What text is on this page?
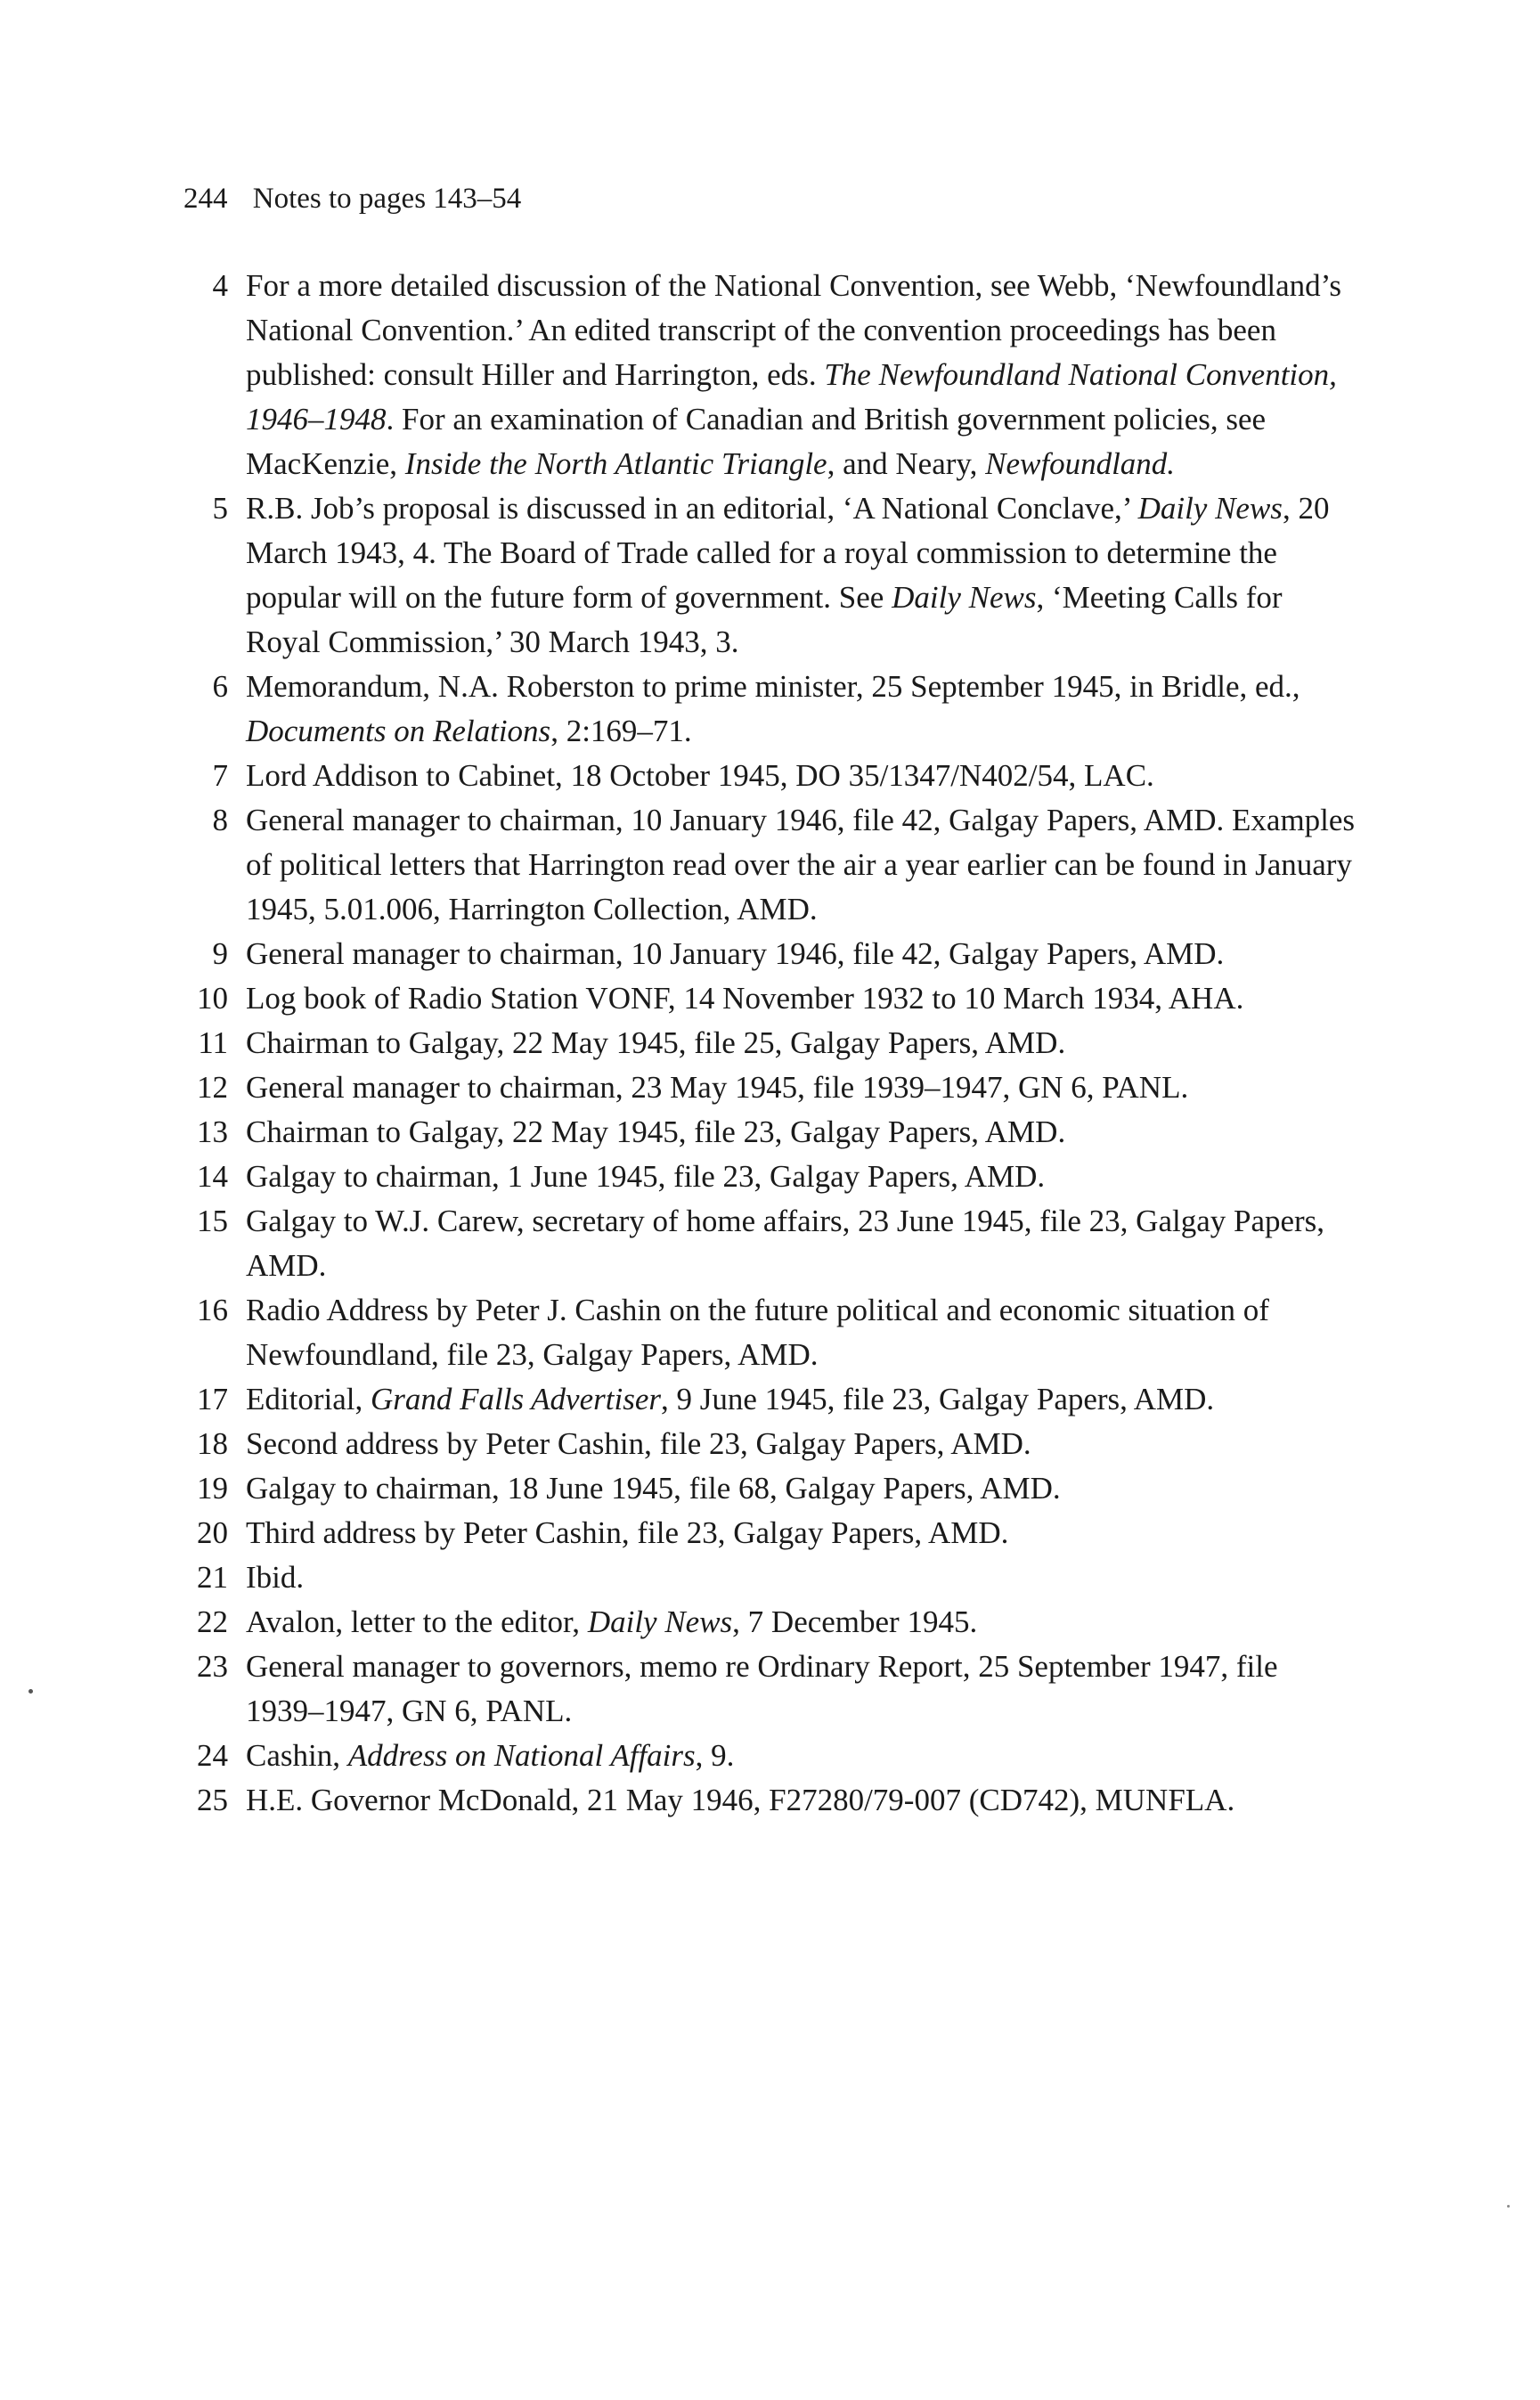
244 Notes to pages 143–54
4 For a more detailed discussion of the National Convention, see Webb, ‘Newfoundland’s National Convention.’ An edited transcript of the convention proceedings has been published: consult Hiller and Harrington, eds. The Newfoundland National Convention, 1946–1948. For an examination of Canadian and British government policies, see MacKenzie, Inside the North Atlantic Triangle, and Neary, Newfoundland.
5 R.B. Job’s proposal is discussed in an editorial, ‘A National Conclave,’ Daily News, 20 March 1943, 4. The Board of Trade called for a royal commission to determine the popular will on the future form of government. See Daily News, ‘Meeting Calls for Royal Commission,’ 30 March 1943, 3.
6 Memorandum, N.A. Roberston to prime minister, 25 September 1945, in Bridle, ed., Documents on Relations, 2:169–71.
7 Lord Addison to Cabinet, 18 October 1945, DO 35/1347/N402/54, LAC.
8 General manager to chairman, 10 January 1946, file 42, Galgay Papers, AMD. Examples of political letters that Harrington read over the air a year earlier can be found in January 1945, 5.01.006, Harrington Collection, AMD.
9 General manager to chairman, 10 January 1946, file 42, Galgay Papers, AMD.
10 Log book of Radio Station VONF, 14 November 1932 to 10 March 1934, AHA.
11 Chairman to Galgay, 22 May 1945, file 25, Galgay Papers, AMD.
12 General manager to chairman, 23 May 1945, file 1939–1947, GN 6, PANL.
13 Chairman to Galgay, 22 May 1945, file 23, Galgay Papers, AMD.
14 Galgay to chairman, 1 June 1945, file 23, Galgay Papers, AMD.
15 Galgay to W.J. Carew, secretary of home affairs, 23 June 1945, file 23, Galgay Papers, AMD.
16 Radio Address by Peter J. Cashin on the future political and economic situation of Newfoundland, file 23, Galgay Papers, AMD.
17 Editorial, Grand Falls Advertiser, 9 June 1945, file 23, Galgay Papers, AMD.
18 Second address by Peter Cashin, file 23, Galgay Papers, AMD.
19 Galgay to chairman, 18 June 1945, file 68, Galgay Papers, AMD.
20 Third address by Peter Cashin, file 23, Galgay Papers, AMD.
21 Ibid.
22 Avalon, letter to the editor, Daily News, 7 December 1945.
23 General manager to governors, memo re Ordinary Report, 25 September 1947, file 1939–1947, GN 6, PANL.
24 Cashin, Address on National Affairs, 9.
25 H.E. Governor McDonald, 21 May 1946, F27280/79-007 (CD742), MUNFLA.
